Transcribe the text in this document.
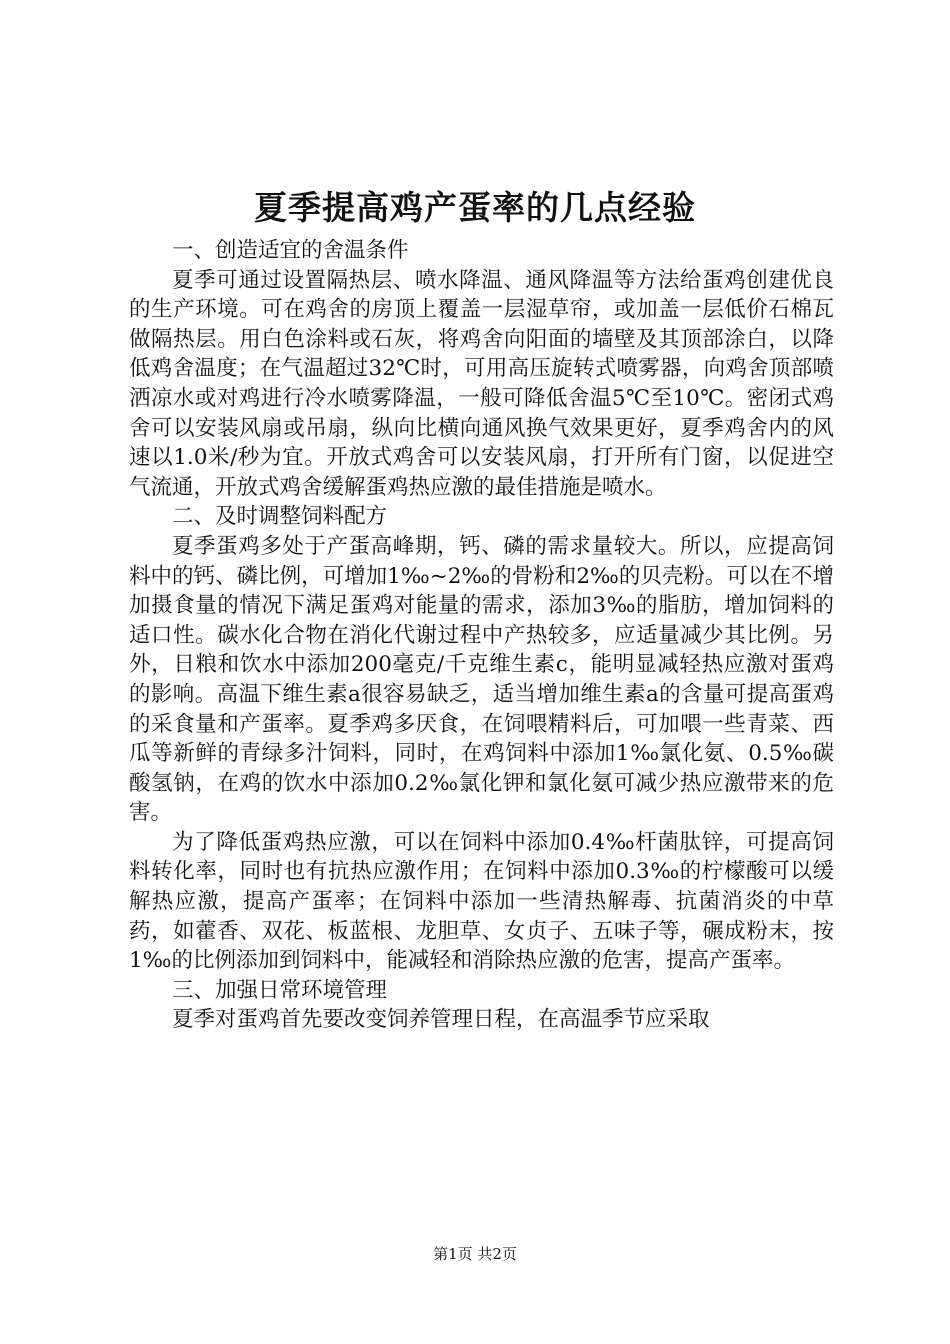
夏季提高鸡产蛋率的几点经验

一、创造适宜的舍温条件

夏季可通过设置隔热层、喷水降温、通风降温等方法给蛋鸡创建优良的生产环境。可在鸡舍的房顶上覆盖一层湿草帘，或加盖一层低价石棉瓦做隔热层。用白色涂料或石灰，将鸡舍向阳面的墙壁及其顶部涂白，以降低鸡舍温度；在气温超过32℃时，可用高压旋转式喷雾器，向鸡舍顶部喷洒凉水或对鸡进行冷水喷雾降温，一般可降低舍温5℃至10℃。密闭式鸡舍可以安装风扇或吊扇，纵向比横向通风换气效果更好，夏季鸡舍内的风速以1.0米/秒为宜。开放式鸡舍可以安装风扇，打开所有门窗，以促进空气流通，开放式鸡舍缓解蛋鸡热应激的最佳措施是喷水。

二、及时调整饲料配方

夏季蛋鸡多处于产蛋高峰期，钙、磷的需求量较大。所以，应提高饲料中的钙、磷比例，可增加1‰~2‰的骨粉和2‰的贝壳粉。可以在不增加摄食量的情况下满足蛋鸡对能量的需求，添加3‰的脂肪，增加饲料的适口性。碳水化合物在消化代谢过程中产热较多，应适量减少其比例。另外，日粮和饮水中添加200毫克/千克维生素c，能明显减轻热应激对蛋鸡的影响。高温下维生素a很容易缺乏，适当增加维生素a的含量可提高蛋鸡的采食量和产蛋率。夏季鸡多厌食，在饲喂精料后，可加喂一些青菜、西瓜等新鲜的青绿多汁饲料，同时，在鸡饲料中添加1‰氯化氨、0.5‰碳酸氢钠，在鸡的饮水中添加0.2‰氯化钾和氯化氨可减少热应激带来的危害。

为了降低蛋鸡热应激，可以在饲料中添加0.4‰杆菌肽锌，可提高饲料转化率，同时也有抗热应激作用；在饲料中添加0.3‰的柠檬酸可以缓解热应激，提高产蛋率；在饲料中添加一些清热解毒、抗菌消炎的中草药，如藿香、双花、板蓝根、龙胆草、女贞子、五味子等，碾成粉末，按1‰的比例添加到饲料中，能减轻和消除热应激的危害，提高产蛋率。

三、加强日常环境管理

夏季对蛋鸡首先要改变饲养管理日程，在高温季节应采取

第1页 共2页
